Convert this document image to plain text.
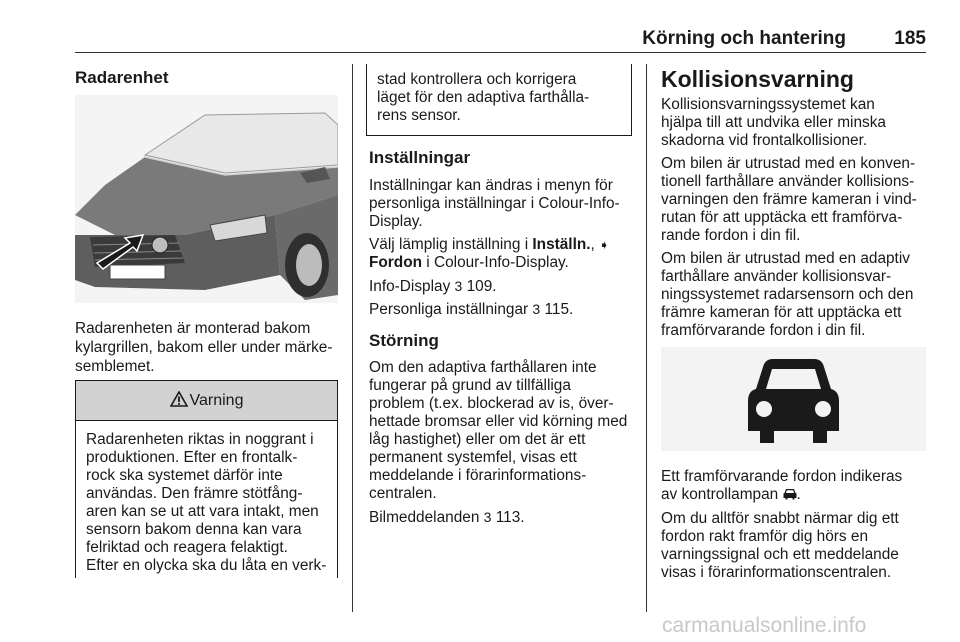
Körning och hantering	185
Radarenhet

Radarenheten är monterad bakom

kylargrillen, bakom eller under märke-

semblemet.

Varning

Radarenheten riktas in noggrant i

produktionen. Efter en frontalk-

rock ska systemet därför inte

användas. Den främre stötfång-

aren kan se ut att vara intakt, men

sensorn bakom denna kan vara

felriktad och reagera felaktigt.

Efter en olycka ska du låta en verk-

stad kontrollera och korrigera

läget för den adaptiva farthålla-

rens sensor.

Inställningar

Inställningar kan ändras i menyn för

personliga inställningar i Colour-Info-

Display.

Välj lämplig inställning i Inställn., ➧

Fordon i Colour-Info-Display.

Info-Display 3 109.

Personliga inställningar 3 115.

Störning

Om den adaptiva farthållaren inte

fungerar på grund av tillfälliga

problem (t.ex. blockerad av is, över-

hettade bromsar eller vid körning med

låg hastighet) eller om det är ett

permanent systemfel, visas ett

meddelande i förarinformations-

centralen.

Bilmeddelanden 3 113.

Kollisionsvarning

Kollisionsvarningssystemet kan

hjälpa till att undvika eller minska

skadorna vid frontalkollisioner.

Om bilen är utrustad med en konven-

tionell farthållare använder kollisions-

varningen den främre kameran i vind-

rutan för att upptäcka ett framförva-

rande fordon i din fil.

Om bilen är utrustad med en adaptiv

farthållare använder kollisionsvar-

ningssystemet radarsensorn och den

främre kameran för att upptäcka ett

framförvarande fordon i din fil.

Ett framförvarande fordon indikeras

av kontrollampan .

Om du alltför snabbt närmar dig ett

fordon rakt framför dig hörs en

varningssignal och ett meddelande

visas i förarinformationscentralen.

carmanualsonline.info
